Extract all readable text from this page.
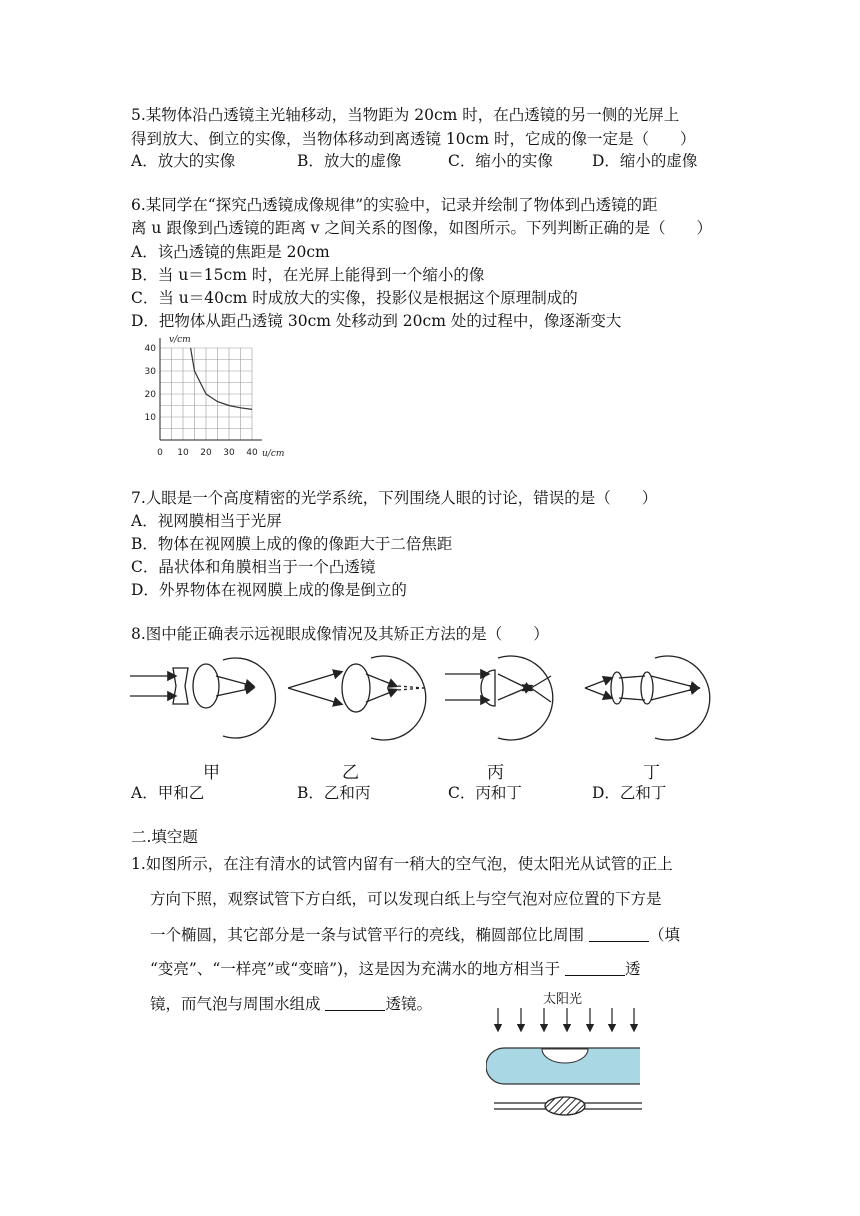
5.某物体沿凸透镜主光轴移动，当物距为 20cm 时，在凸透镜的另一侧的光屏上
得到放大、倒立的实像，当物体移动到离透镜 10cm 时，它成的像一定是（　　）
A．放大的实像	B．放大的虚像	C．缩小的实像	D．缩小的虚像
6.某同学在“探究凸透镜成像规律”的实验中，记录并绘制了物体到凸透镜的距
离 u 跟像到凸透镜的距离 v 之间关系的图像，如图所示。下列判断正确的是（　　）
A．该凸透镜的焦距是 20cm
B．当 u＝15cm 时，在光屏上能得到一个缩小的像
C．当 u＝40cm 时成放大的实像，投影仪是根据这个原理制成的
D．把物体从距凸透镜 30cm 处移动到 20cm 处的过程中，像逐渐变大
0 10 20 30 40
10
20
30
40
v/cm
u/cm
7.人眼是一个高度精密的光学系统，下列围绕人眼的讨论，错误的是（　　）
A．视网膜相当于光屏
B．物体在视网膜上成的像的像距大于二倍焦距
C．晶状体和角膜相当于一个凸透镜
D．外界物体在视网膜上成的像是倒立的
8.图中能正确表示远视眼成像情况及其矫正方法的是（　　）
甲	乙	丙	丁
A．甲和乙	B．乙和丙	C．丙和丁	D．乙和丁
二.填空题
1.如图所示，在注有清水的试管内留有一稍大的空气泡，使太阳光从试管的正上
方向下照，观察试管下方白纸，可以发现白纸上与空气泡对应位置的下方是
一个椭圆，其它部分是一条与试管平行的亮线，椭圆部位比周围	（填
“变亮”、“一样亮”或“变暗”)，这是因为充满水的地方相当于	透
镜，而气泡与周围水组成	透镜。	太阳光
